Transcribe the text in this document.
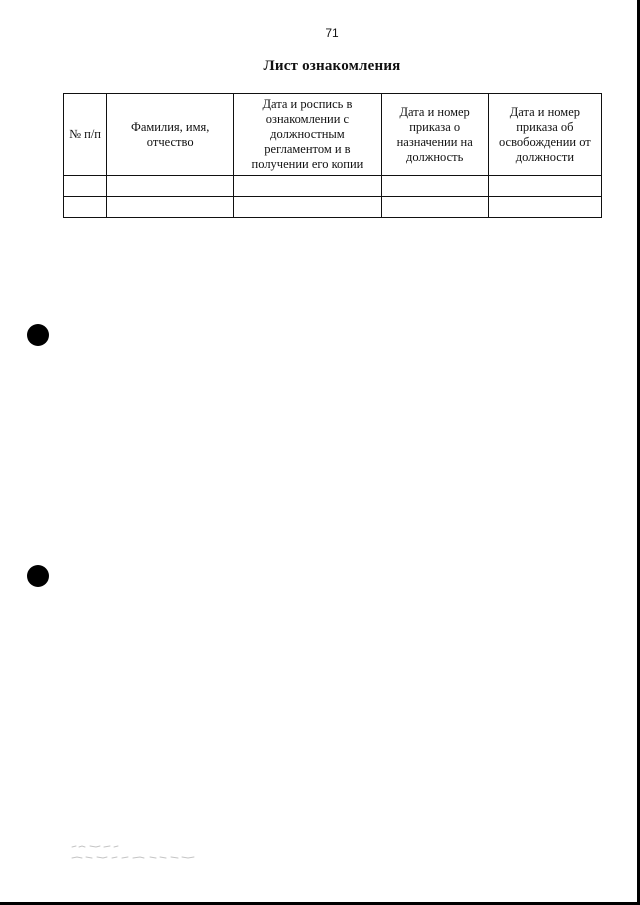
71
Лист ознакомления
№ п/п	Фамилия, имя, отчество	Дата и роспись в ознакомлении с должностным регламентом и в получении его копии	Дата и номер приказа о назначении на должность	Дата и номер приказа об освобождении от должности
